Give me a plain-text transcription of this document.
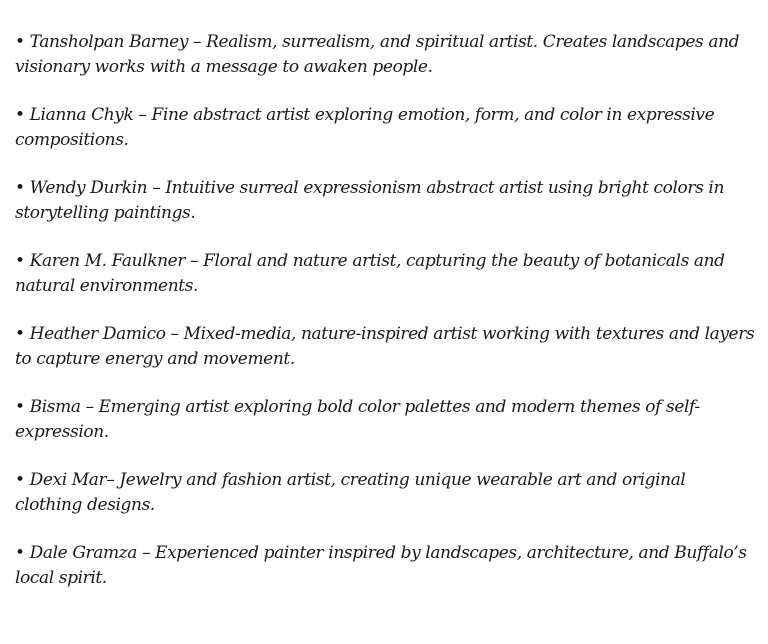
• Tansholpan Barney – Realism, surrealism, and spiritual artist. Creates landscapes and visionary works with a message to awaken people.
• Lianna Chyk – Fine abstract artist exploring emotion, form, and color in expressive compositions.
• Wendy Durkin – Intuitive surreal expressionism abstract artist using bright colors in storytelling paintings.
• Karen M. Faulkner – Floral and nature artist, capturing the beauty of botanicals and natural environments.
• Heather Damico – Mixed-media, nature-inspired artist working with textures and layers to capture energy and movement.
• Bisma – Emerging artist exploring bold color palettes and modern themes of self-expression.
• Dexi Mar– Jewelry and fashion artist, creating unique wearable art and original clothing designs.
• Dale Gramza – Experienced painter inspired by landscapes, architecture, and Buffalo’s local spirit.
